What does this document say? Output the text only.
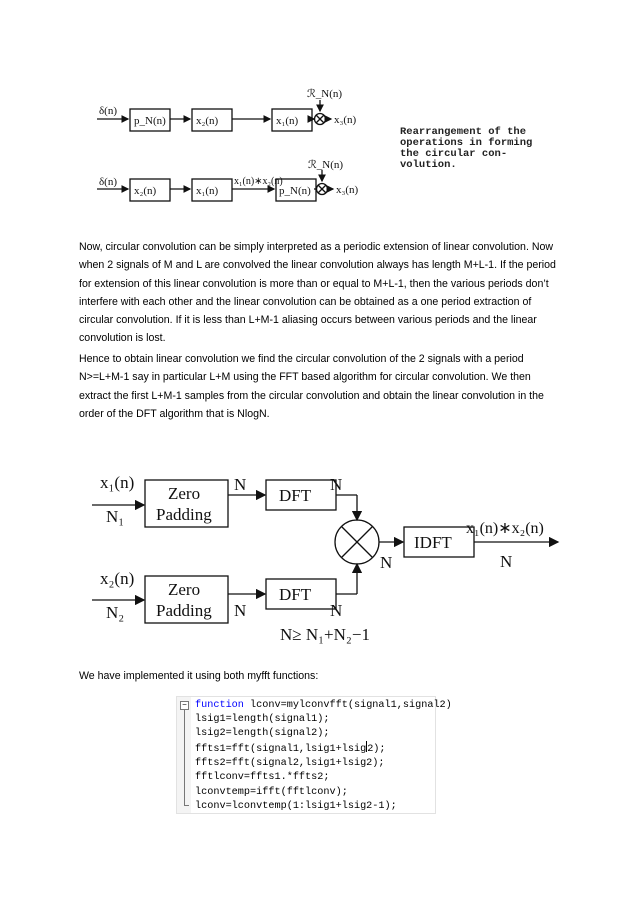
δ(n)
p_N(n)	x₂(n)	x₁(n)
ℛ_N(n)
x₃(n)
δ(n)
x₂(n)	x₁(n)
x₁(n)∗x₂(n)
p_N(n)
ℛ_N(n)
x₃(n)
Rearrangement of the
operations in forming
the circular con-
volution.

Now, circular convolution can be simply interpreted as a periodic extension of linear convolution. Now when 2 signals of M and L are convolved the linear convolution always has length M+L-1. If the period for extension of this linear convolution is more than or equal to M+L-1, then the various periods don’t interfere with each other and the linear convolution can be obtained as a one period extraction of circular convolution. If it is less than L+M-1 aliasing occurs between various periods and the linear convolution is lost.

Hence to obtain linear convolution we find the circular convolution of the 2 signals with a period N>=L+M-1 say in particular L+M using the FFT based algorithm for circular convolution. We then extract the first L+M-1 samples from the circular convolution and obtain the linear convolution in the order of the DFT algorithm that is NlogN.

x₁(n)
N₁
Zero
Padding
N
DFT
N
x₂(n)
N₂
Zero
Padding
DFT
N	N
N
IDFT
x₁(n)∗x₂(n)
N
N≥ N₁+N₂−1

We have implemented it using both myfft functions:

− function lconv=mylconvfft(signal1,signal2)
lsig1=length(signal1);
lsig2=length(signal2);
ffts1=fft(signal1,lsig1+lsig2);
ffts2=fft(signal2,lsig1+lsig2);
fftlconv=ffts1.*ffts2;
lconvtemp=ifft(fftlconv);
lconv=lconvtemp(1:lsig1+lsig2-1);
